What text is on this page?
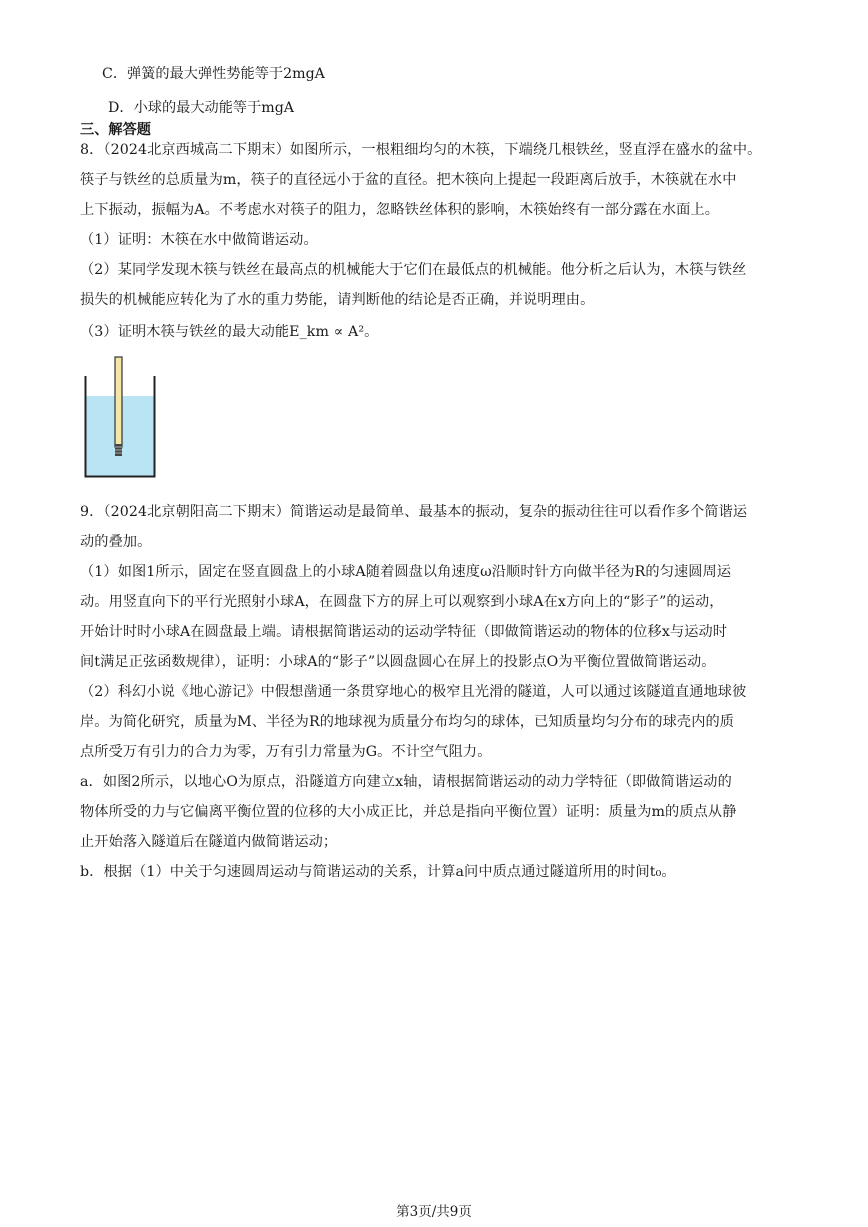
C．弹簧的最大弹性势能等于2mgA
D．小球的最大动能等于mgA
三、解答题
8．（2024北京西城高二下期末）如图所示，一根粗细均匀的木筷，下端绕几根铁丝，竖直浮在盛水的盆中。
筷子与铁丝的总质量为m，筷子的直径远小于盆的直径。把木筷向上提起一段距离后放手，木筷就在水中
上下振动，振幅为A。不考虑水对筷子的阻力，忽略铁丝体积的影响，木筷始终有一部分露在水面上。
（1）证明：木筷在水中做简谐运动。
（2）某同学发现木筷与铁丝在最高点的机械能大于它们在最低点的机械能。他分析之后认为，木筷与铁丝
损失的机械能应转化为了水的重力势能，请判断他的结论是否正确，并说明理由。
（3）证明木筷与铁丝的最大动能E_km ∝ A²。
9．（2024北京朝阳高二下期末）简谐运动是最简单、最基本的振动，复杂的振动往往可以看作多个简谐运
动的叠加。
（1）如图1所示，固定在竖直圆盘上的小球A随着圆盘以角速度ω沿顺时针方向做半径为R的匀速圆周运
动。用竖直向下的平行光照射小球A，在圆盘下方的屏上可以观察到小球A在x方向上的“影子”的运动，
开始计时时小球A在圆盘最上端。请根据简谐运动的运动学特征（即做简谐运动的物体的位移x与运动时
间t满足正弦函数规律），证明：小球A的“影子”以圆盘圆心在屏上的投影点O为平衡位置做简谐运动。
（2）科幻小说《地心游记》中假想凿通一条贯穿地心的极窄且光滑的隧道，人可以通过该隧道直通地球彼
岸。为简化研究，质量为M、半径为R的地球视为质量分布均匀的球体，已知质量均匀分布的球壳内的质
点所受万有引力的合力为零，万有引力常量为G。不计空气阻力。
a．如图2所示，以地心O为原点，沿隧道方向建立x轴，请根据简谐运动的动力学特征（即做简谐运动的
物体所受的力与它偏离平衡位置的位移的大小成正比，并总是指向平衡位置）证明：质量为m的质点从静
止开始落入隧道后在隧道内做简谐运动；
b．根据（1）中关于匀速圆周运动与简谐运动的关系，计算a问中质点通过隧道所用的时间t₀。
第3页/共9页
